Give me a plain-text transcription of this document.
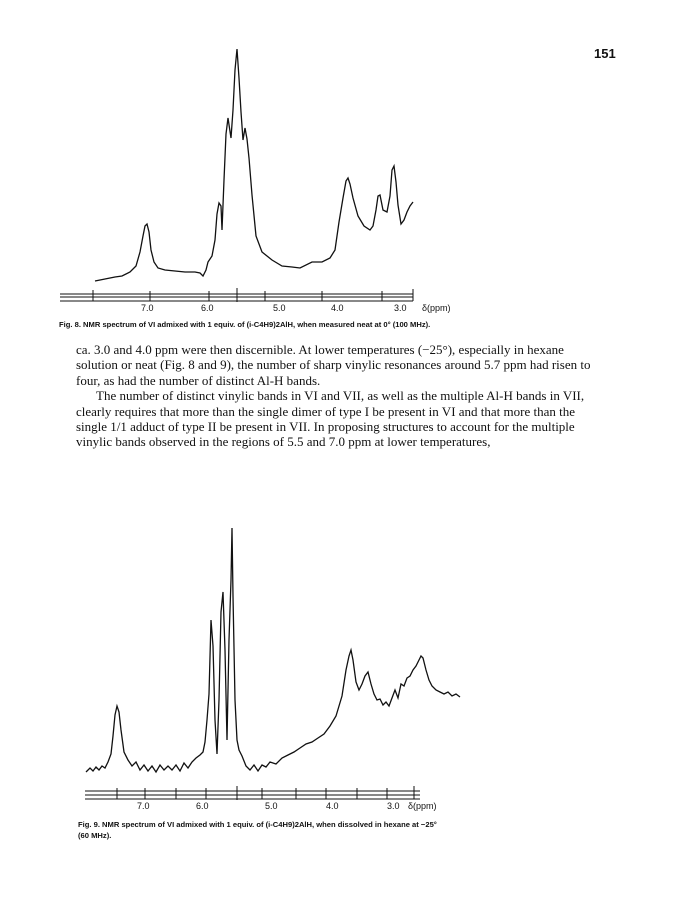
151
7.0	6.0	5.0	4.0	3.0 δ(ppm)
Fig. 8. NMR spectrum of VI admixed with 1 equiv. of (i-C4H9)2AlH, when measured neat at 0° (100 MHz).

ca. 3.0 and 4.0 ppm were then discernible. At lower temperatures (−25°), especially in hexane solution or neat (Fig. 8 and 9), the number of sharp vinylic resonances around 5.7 ppm had risen to four, as had the number of distinct Al-H bands.

The number of distinct vinylic bands in VI and VII, as well as the multiple Al-H bands in VII, clearly requires that more than the single dimer of type I be present in VI and that more than the single 1/1 adduct of type II be present in VII. In proposing structures to account for the multiple vinylic bands observed in the regions of 5.5 and 7.0 ppm at lower temperatures,

7.0	6.0	5.0	4.0	3.0 δ(ppm)
Fig. 9. NMR spectrum of VI admixed with 1 equiv. of (i-C4H9)2AlH, when dissolved in hexane at −25°
(60 MHz).
